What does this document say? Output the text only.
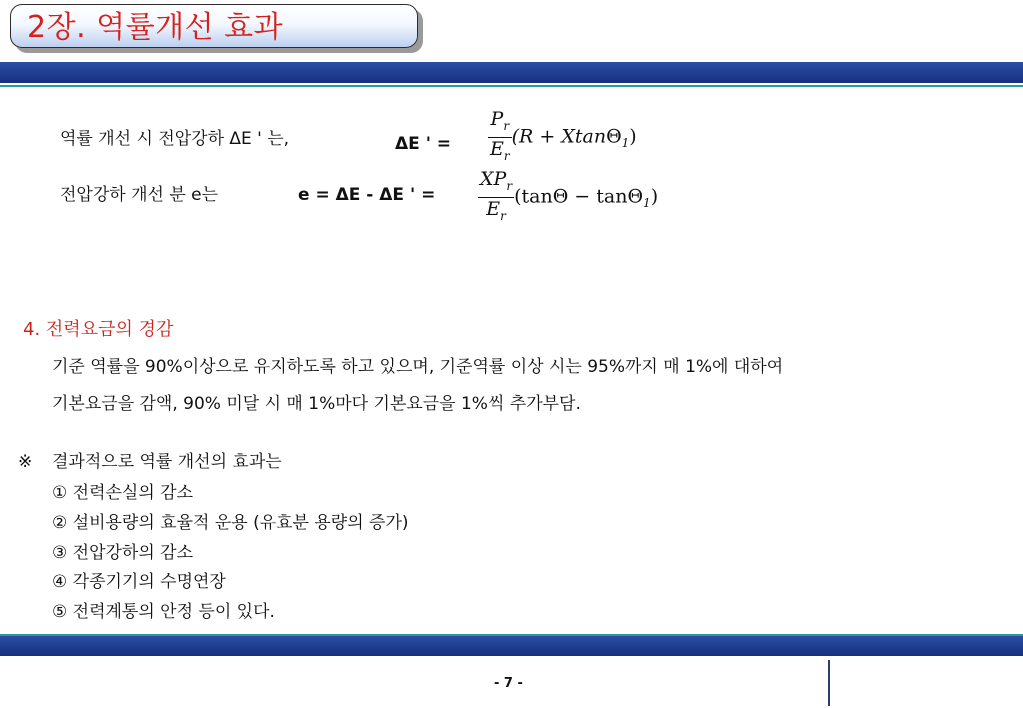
2장. 역률개선 효과
역률 개선 시 전압강하 ΔE ' 는,	ΔE ' = $\frac{P_r}{E_r} (R + Xtan\Theta_1)$
전압강하 개선 분 e는	e = ΔE - ΔE ' = $\frac{XP_r}{E_r} (\tan\Theta - \tan\Theta_1)$
4. 전력요금의 경감
기준 역률을 90%이상으로 유지하도록 하고 있으며, 기준역률 이상 시는 95%까지 매 1%에 대하여
기본요금을 감액, 90% 미달 시 매 1%마다 기본요금을 1%씩 추가부담.
※ 결과적으로 역률 개선의 효과는
① 전력손실의 감소
② 설비용량의 효율적 운용 (유효분 용량의 증가)
③ 전압강하의 감소
④ 각종기기의 수명연장
⑤ 전력계통의 안정 등이 있다.
- 7 -
